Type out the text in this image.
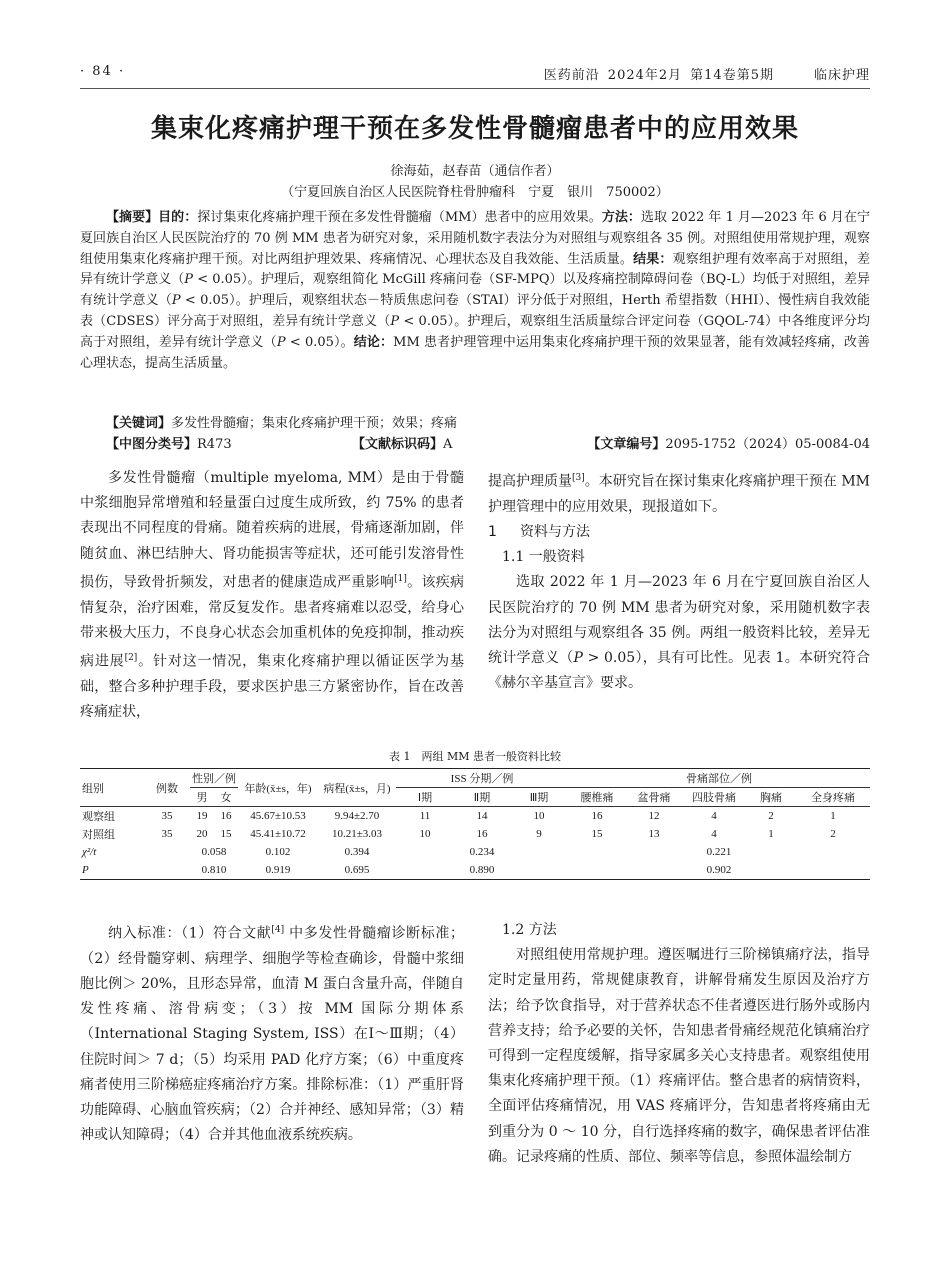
· 84 ·	医药前沿 2024年2月 第14卷第5期	临床护理
集束化疼痛护理干预在多发性骨髓瘤患者中的应用效果
徐海茹，赵春苗（通信作者）
（宁夏回族自治区人民医院脊柱骨肿瘤科　宁夏　银川　750002）
【摘要】目的：探讨集束化疼痛护理干预在多发性骨髓瘤（MM）患者中的应用效果。方法：选取 2022 年 1 月—2023 年 6 月在宁夏回族自治区人民医院治疗的 70 例 MM 患者为研究对象，采用随机数字表法分为对照组与观察组各 35 例。对照组使用常规护理，观察组使用集束化疼痛护理干预。对比两组护理效果、疼痛情况、心理状态及自我效能、生活质量。结果：观察组护理有效率高于对照组，差异有统计学意义（P < 0.05）。护理后，观察组简化 McGill 疼痛问卷（SF-MPQ）以及疼痛控制障碍问卷（BQ-L）均低于对照组，差异有统计学意义（P < 0.05）。护理后，观察组状态－特质焦虑问卷（STAI）评分低于对照组，Herth 希望指数（HHI）、慢性病自我效能表（CDSES）评分高于对照组，差异有统计学意义（P < 0.05）。护理后，观察组生活质量综合评定问卷（GQOL-74）中各维度评分均高于对照组，差异有统计学意义（P < 0.05）。结论：MM 患者护理管理中运用集束化疼痛护理干预的效果显著，能有效减轻疼痛，改善心理状态，提高生活质量。
【关键词】多发性骨髓瘤；集束化疼痛护理干预；效果；疼痛
【中图分类号】R473	【文献标识码】A	【文章编号】2095-1752（2024）05-0084-04

多发性骨髓瘤（multiple myeloma, MM）是由于骨髓中浆细胞异常增殖和轻量蛋白过度生成所致，约 75% 的患者表现出不同程度的骨痛。随着疾病的进展，骨痛逐渐加剧，伴随贫血、淋巴结肿大、肾功能损害等症状，还可能引发溶骨性损伤，导致骨折频发，对患者的健康造成严重影响[1]。该疾病情复杂，治疗困难，常反复发作。患者疼痛难以忍受，给身心带来极大压力，不良身心状态会加重机体的免疫抑制，推动疾病进展[2]。针对这一情况，集束化疼痛护理以循证医学为基础，整合多种护理手段，要求医护患三方紧密协作，旨在改善疼痛症状，

提高护理质量[3]。本研究旨在探讨集束化疼痛护理干预在 MM 护理管理中的应用效果，现报道如下。

1 资料与方法

1.1 一般资料

选取 2022 年 1 月—2023 年 6 月在宁夏回族自治区人民医院治疗的 70 例 MM 患者为研究对象，采用随机数字表法分为对照组与观察组各 35 例。两组一般资料比较，差异无统计学意义（P > 0.05），具有可比性。见表 1。本研究符合《赫尔辛基宣言》要求。

表 1　两组 MM 患者一般资料比较
组别	例数	性别／例		年龄(x̄±s，年)	病程(x̄±s，月)	ISS 分期／例			骨痛部位／例				
		男	女			Ⅰ期	Ⅱ期	Ⅲ期	腰椎痛	盆骨痛	四肢骨痛	胸痛	全身疼痛
观察组	35	19	16	45.67±10.53	9.94±2.70	11	14	10	16	12	4	2	1
对照组	35	20	15	45.41±10.72	10.21±3.03	10	16	9	15	13	4	1	2
χ²/t		0.058		0.102	0.394	0.234			0.221				
P		0.810		0.919	0.695	0.890			0.902				

纳入标准：（1）符合文献[4] 中多发性骨髓瘤诊断标准；（2）经骨髓穿刺、病理学、细胞学等检查确诊，骨髓中浆细胞比例＞ 20%，且形态异常，血清 M 蛋白含量升高，伴随自发性疼痛、溶骨病变；（3）按 MM 国际分期体系（International Staging System, ISS）在Ⅰ～Ⅲ期；（4）住院时间＞ 7 d；（5）均采用 PAD 化疗方案；（6）中重度疼痛者使用三阶梯癌症疼痛治疗方案。排除标准：（1）严重肝肾功能障碍、心脑血管疾病；（2）合并神经、感知异常；（3）精神或认知障碍；（4）合并其他血液系统疾病。

1.2 方法

对照组使用常规护理。遵医嘱进行三阶梯镇痛疗法，指导定时定量用药，常规健康教育，讲解骨痛发生原因及治疗方法；给予饮食指导，对于营养状态不佳者遵医进行肠外或肠内营养支持；给予必要的关怀，告知患者骨痛经规范化镇痛治疗可得到一定程度缓解，指导家属多关心支持患者。观察组使用集束化疼痛护理干预。（1）疼痛评估。整合患者的病情资料，全面评估疼痛情况，用 VAS 疼痛评分，告知患者将疼痛由无到重分为 0 ～ 10 分，自行选择疼痛的数字，确保患者评估准确。记录疼痛的性质、部位、频率等信息，参照体温绘制方
